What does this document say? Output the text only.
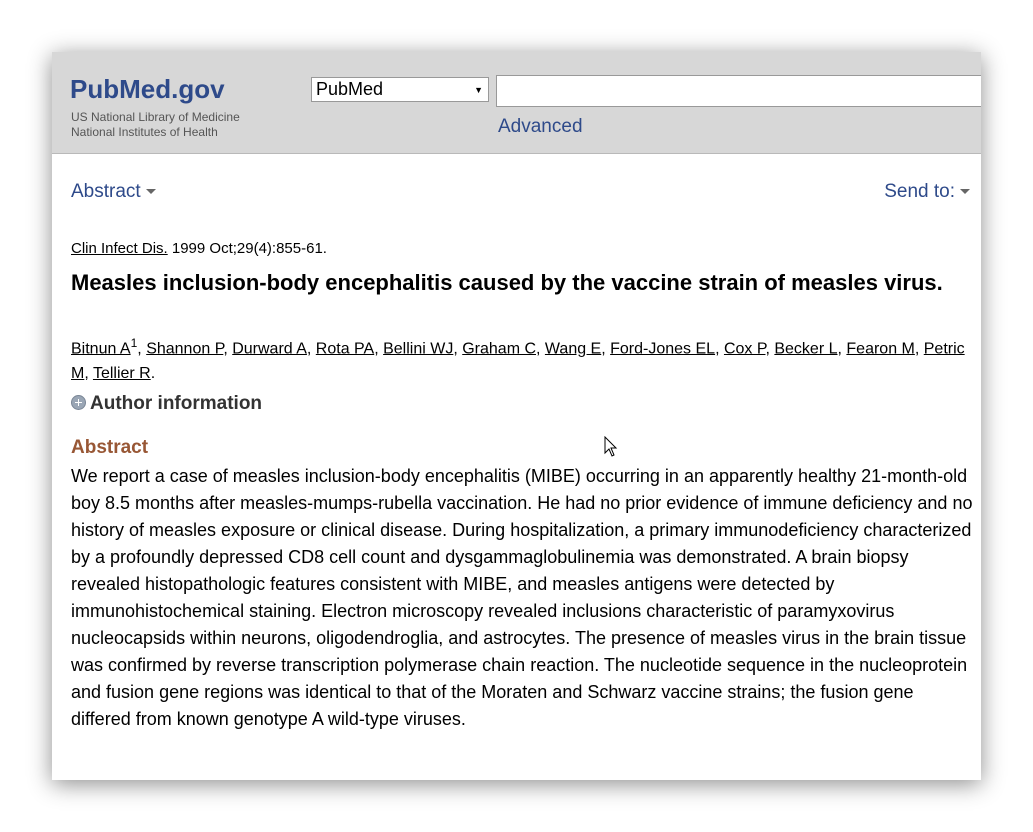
PubMed.gov
US National Library of Medicine
National Institutes of Health
PubMed	▼
Advanced
Abstract	Send to:
Clin Infect Dis. 1999 Oct;29(4):855-61.
Measles inclusion-body encephalitis caused by the vaccine strain of measles virus.
Bitnun $A^1$, Shannon P, Durward A, Rota PA, Bellini WJ, Graham C, Wang E, Ford-Jones EL, Cox P, Becker L, Fearon M, Petric M, Tellier R.
Author information
Abstract
We report a case of measles inclusion-body encephalitis (MIBE) occurring in an apparently healthy 21-month-old boy 8.5 months after measles-mumps-rubella vaccination. He had no prior evidence of immune deficiency and no history of measles exposure or clinical disease. During hospitalization, a primary immunodeficiency characterized by a profoundly depressed CD8 cell count and dysgammaglobulinemia was demonstrated. A brain biopsy revealed histopathologic features consistent with MIBE, and measles antigens were detected by immunohistochemical staining. Electron microscopy revealed inclusions characteristic of paramyxovirus nucleocapsids within neurons, oligodendroglia, and astrocytes. The presence of measles virus in the brain tissue was confirmed by reverse transcription polymerase chain reaction. The nucleotide sequence in the nucleoprotein and fusion gene regions was identical to that of the Moraten and Schwarz vaccine strains; the fusion gene differed from known genotype A wild-type viruses.
